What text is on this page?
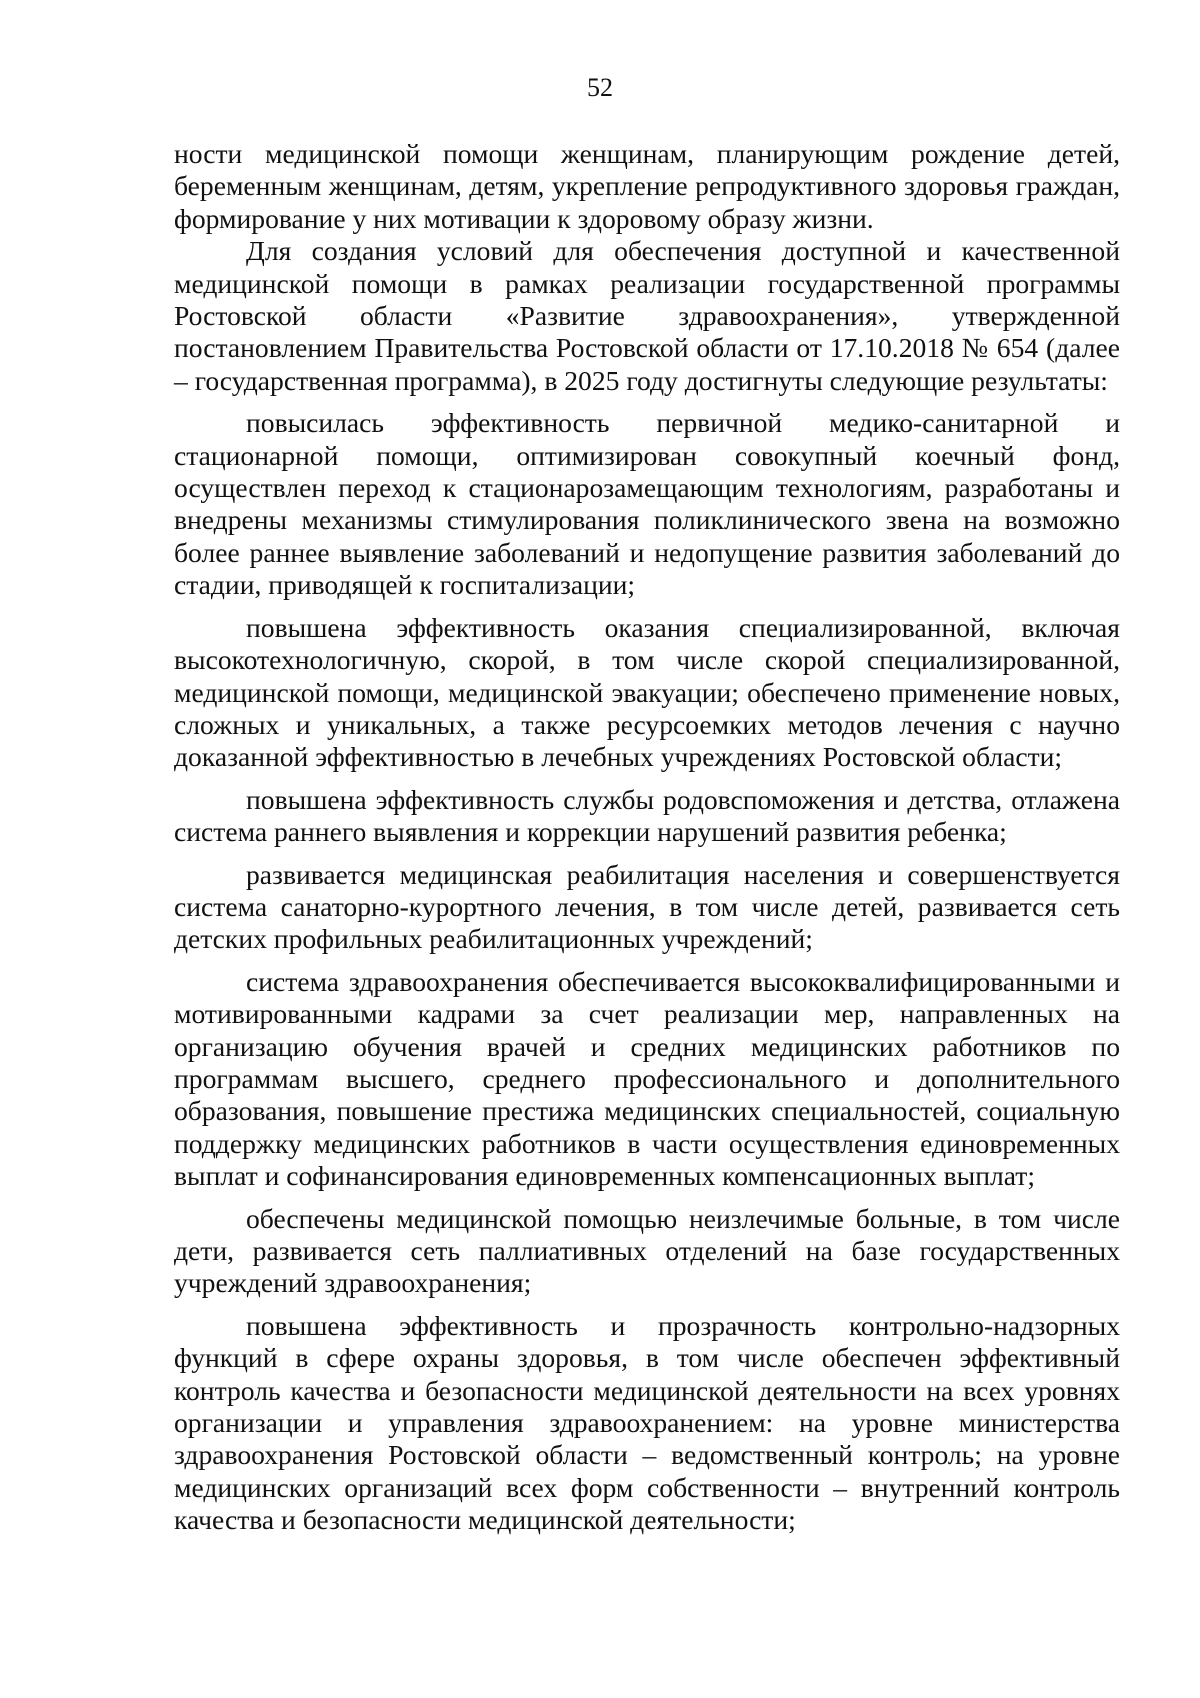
52

ности медицинской помощи женщинам, планирующим рождение детей, беременным женщинам, детям, укрепление репродуктивного здоровья граждан, формирование у них мотивации к здоровому образу жизни.

Для создания условий для обеспечения доступной и качественной медицинской помощи в рамках реализации государственной программы Ростовской области «Развитие здравоохранения», утвержденной постановлением Правительства Ростовской области от 17.10.2018 № 654 (далее – государственная программа), в 2025 году достигнуты следующие результаты:

повысилась эффективность первичной медико-санитарной и стационарной помощи, оптимизирован совокупный коечный фонд, осуществлен переход к стационарозамещающим технологиям, разработаны и внедрены механизмы стимулирования поликлинического звена на возможно более раннее выявление заболеваний и недопущение развития заболеваний до стадии, приводящей к госпитализации;

повышена эффективность оказания специализированной, включая высокотехнологичную, скорой, в том числе скорой специализированной, медицинской помощи, медицинской эвакуации; обеспечено применение новых, сложных и уникальных, а также ресурсоемких методов лечения с научно доказанной эффективностью в лечебных учреждениях Ростовской области;

повышена эффективность службы родовспоможения и детства, отлажена система раннего выявления и коррекции нарушений развития ребенка;

развивается медицинская реабилитация населения и совершенствуется система санаторно-курортного лечения, в том числе детей, развивается сеть детских профильных реабилитационных учреждений;

система здравоохранения обеспечивается высококвалифицированными и мотивированными кадрами за счет реализации мер, направленных на организацию обучения врачей и средних медицинских работников по программам высшего, среднего профессионального и дополнительного образования, повышение престижа медицинских специальностей, социальную поддержку медицинских работников в части осуществления единовременных выплат и софинансирования единовременных компенсационных выплат;

обеспечены медицинской помощью неизлечимые больные, в том числе дети, развивается сеть паллиативных отделений на базе государственных учреждений здравоохранения;

повышена эффективность и прозрачность контрольно-надзорных функций в сфере охраны здоровья, в том числе обеспечен эффективный контроль качества и безопасности медицинской деятельности на всех уровнях организации и управления здравоохранением: на уровне министерства здравоохранения Ростовской области – ведомственный контроль; на уровне медицинских организаций всех форм собственности – внутренний контроль качества и безопасности медицинской деятельности;
